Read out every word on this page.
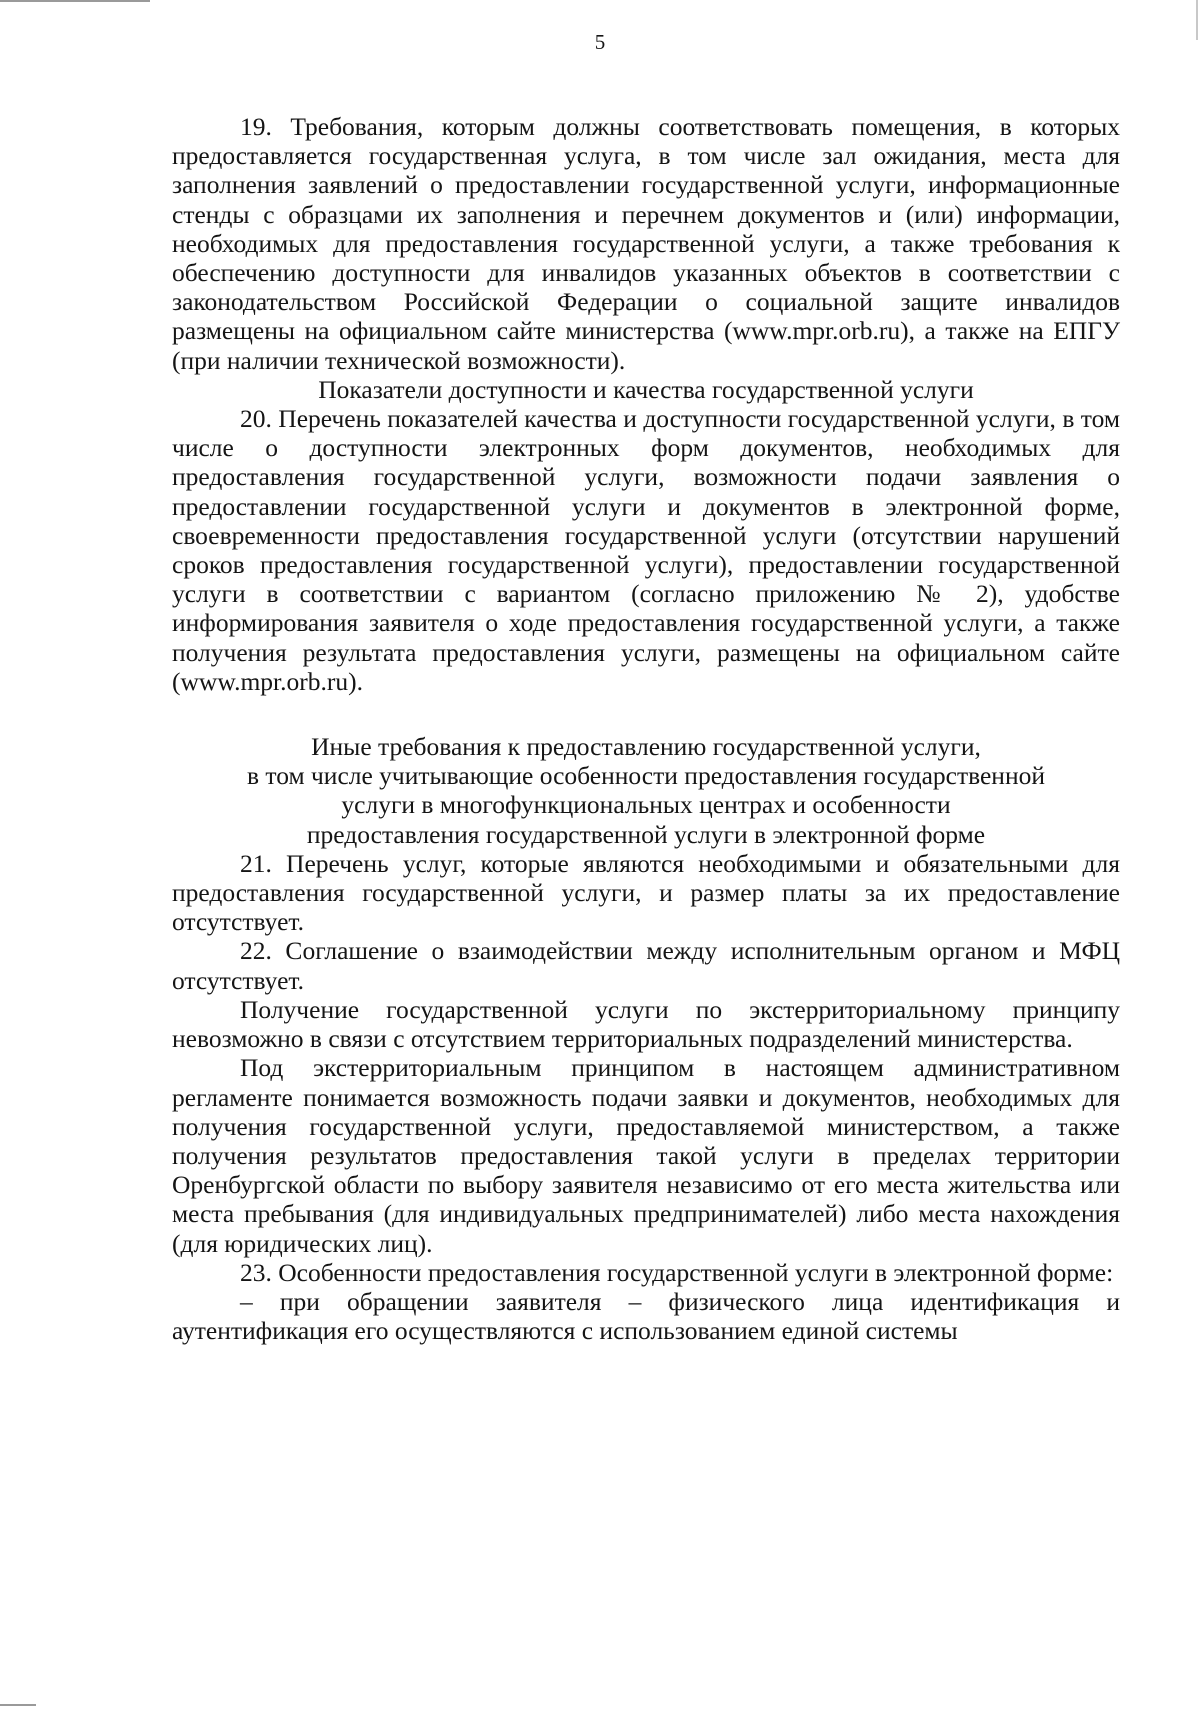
5

19. Требования, которым должны соответствовать помещения, в которых предоставляется государственная услуга, в том числе зал ожидания, места для заполнения заявлений о предоставлении государственной услуги, информационные стенды с образцами их заполнения и перечнем документов и (или) информации, необходимых для предоставления государственной услуги, а также требования к обеспечению доступности для инвалидов указанных объектов в соответствии с законодательством Российской Федерации о социальной защите инвалидов размещены на официальном сайте министерства (www.mpr.orb.ru), а также на ЕПГУ (при наличии технической возможности).

Показатели доступности и качества государственной услуги

20. Перечень показателей качества и доступности государственной услуги, в том числе о доступности электронных форм документов, необходимых для предоставления государственной услуги, возможности подачи заявления о предоставлении государственной услуги и документов в электронной форме, своевременности предоставления государственной услуги (отсутствии нарушений сроков предоставления государственной услуги), предоставлении государственной услуги в соответствии с вариантом (согласно приложению № 2), удобстве информирования заявителя о ходе предоставления государственной услуги, а также получения результата предоставления услуги, размещены на официальном сайте (www.mpr.orb.ru).

Иные требования к предоставлению государственной услуги,
в том числе учитывающие особенности предоставления государственной
услуги в многофункциональных центрах и особенности
предоставления государственной услуги в электронной форме

21. Перечень услуг, которые являются необходимыми и обязательными для предоставления государственной услуги, и размер платы за их предоставление отсутствует.

22. Соглашение о взаимодействии между исполнительным органом и МФЦ отсутствует.

Получение государственной услуги по экстерриториальному принципу невозможно в связи с отсутствием территориальных подразделений министерства.

Под экстерриториальным принципом в настоящем административном регламенте понимается возможность подачи заявки и документов, необходимых для получения государственной услуги, предоставляемой министерством, а также получения результатов предоставления такой услуги в пределах территории Оренбургской области по выбору заявителя независимо от его места жительства или места пребывания (для индивидуальных предпринимателей) либо места нахождения (для юридических лиц).

23. Особенности предоставления государственной услуги в электронной форме:

– при обращении заявителя – физического лица идентификация и аутентификация его осуществляются с использованием единой системы
